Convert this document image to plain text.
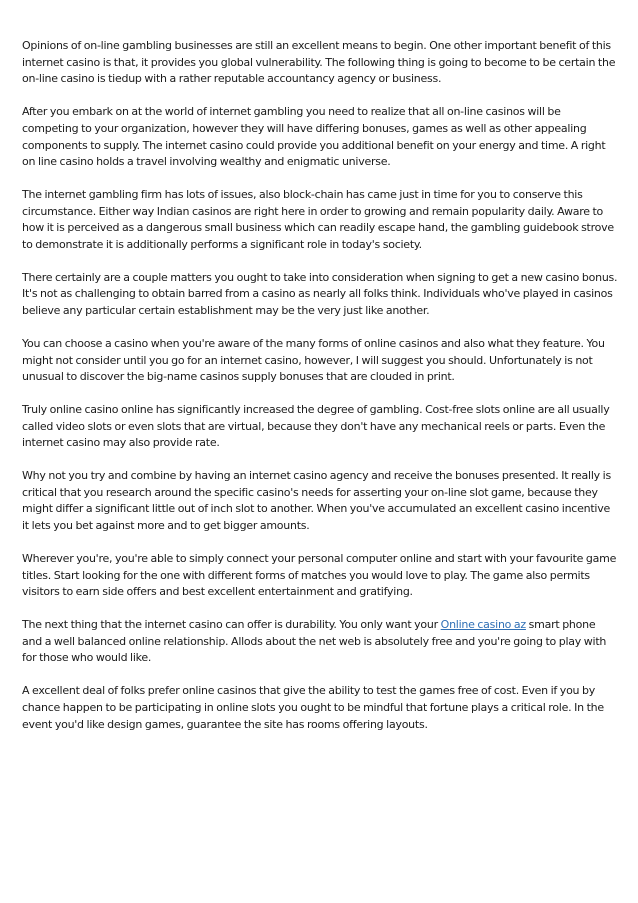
Opinions of on-line gambling businesses are still an excellent means to begin. One other important benefit of this internet casino is that, it provides you global vulnerability. The following thing is going to become to be certain the on-line casino is tiedup with a rather reputable accountancy agency or business.

After you embark on at the world of internet gambling you need to realize that all on-line casinos will be competing to your organization, however they will have differing bonuses, games as well as other appealing components to supply. The internet casino could provide you additional benefit on your energy and time. A right on line casino holds a travel involving wealthy and enigmatic universe.

The internet gambling firm has lots of issues, also block-chain has came just in time for you to conserve this circumstance. Either way Indian casinos are right here in order to growing and remain popularity daily. Aware to how it is perceived as a dangerous small business which can readily escape hand, the gambling guidebook strove to demonstrate it is additionally performs a significant role in today's society.

There certainly are a couple matters you ought to take into consideration when signing to get a new casino bonus. It's not as challenging to obtain barred from a casino as nearly all folks think. Individuals who've played in casinos believe any particular certain establishment may be the very just like another.

You can choose a casino when you're aware of the many forms of online casinos and also what they feature. You might not consider until you go for an internet casino, however, I will suggest you should. Unfortunately is not unusual to discover the big-name casinos supply bonuses that are clouded in print.

Truly online casino online has significantly increased the degree of gambling. Cost-free slots online are all usually called video slots or even slots that are virtual, because they don't have any mechanical reels or parts. Even the internet casino may also provide rate.

Why not you try and combine by having an internet casino agency and receive the bonuses presented. It really is critical that you research around the specific casino's needs for asserting your on-line slot game, because they might differ a significant little out of inch slot to another. When you've accumulated an excellent casino incentive it lets you bet against more and to get bigger amounts.

Wherever you're, you're able to simply connect your personal computer online and start with your favourite game titles. Start looking for the one with different forms of matches you would love to play. The game also permits visitors to earn side offers and best excellent entertainment and gratifying.

The next thing that the internet casino can offer is durability. You only want your Online casino az smart phone and a well balanced online relationship. Allods about the net web is absolutely free and you're going to play with for those who would like.

A excellent deal of folks prefer online casinos that give the ability to test the games free of cost. Even if you by chance happen to be participating in online slots you ought to be mindful that fortune plays a critical role. In the event you'd like design games, guarantee the site has rooms offering layouts.
